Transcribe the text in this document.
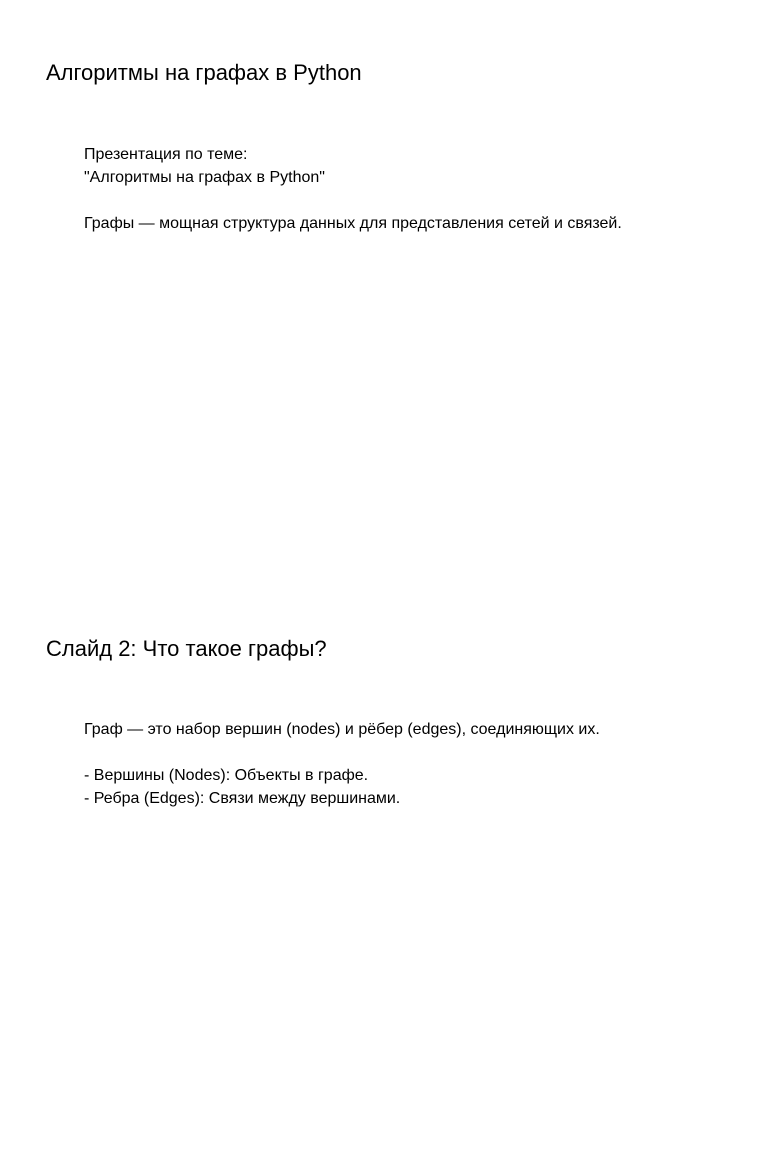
Алгоритмы на графах в Python
Презентация по теме:
"Алгоритмы на графах в Python"
Графы — мощная структура данных для представления сетей и связей.
Слайд 2: Что такое графы?
Граф — это набор вершин (nodes) и рёбер (edges), соединяющих их.
- Вершины (Nodes): Объекты в графе.
- Ребра (Edges): Связи между вершинами.
